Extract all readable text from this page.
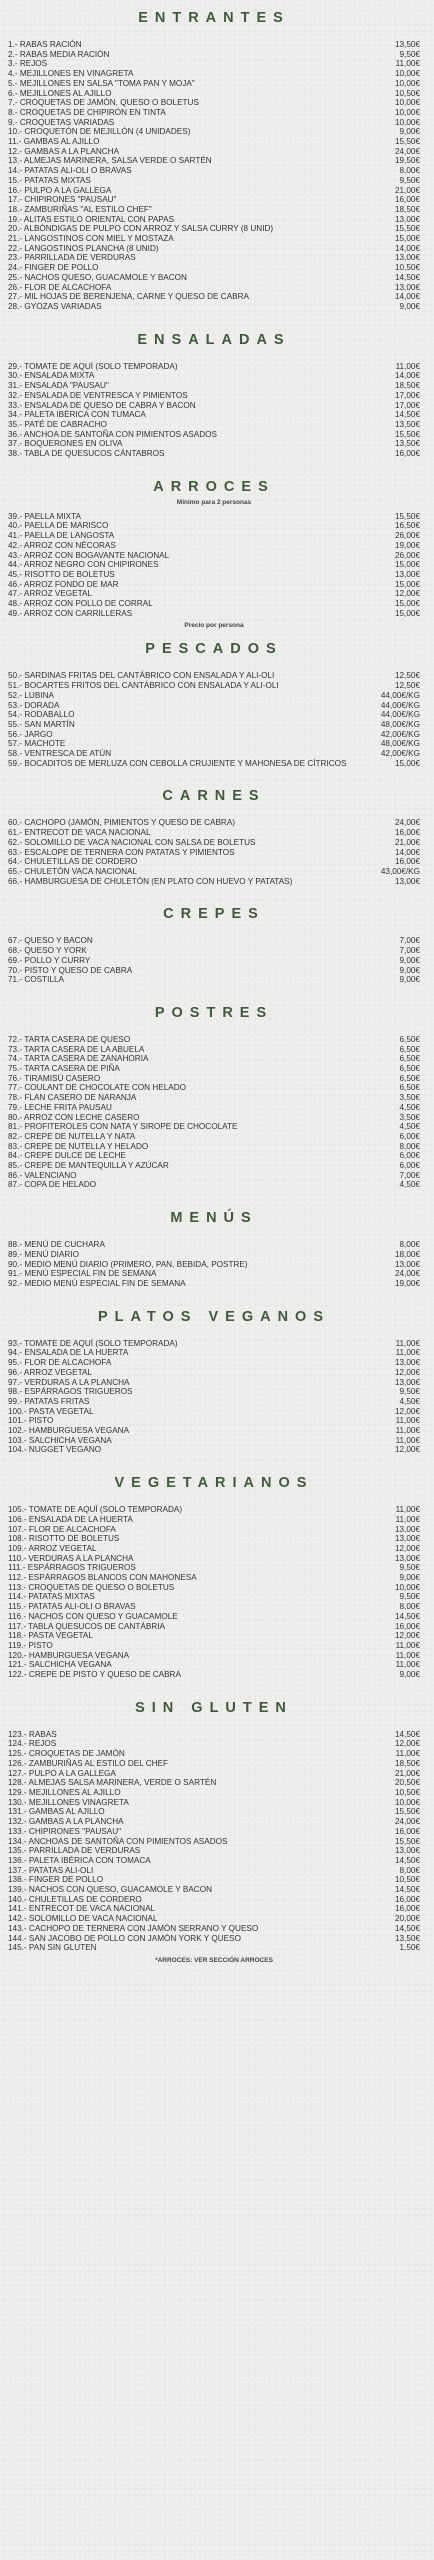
ENTRANTES
1.- RABAS RACIÓN	13,50€
2.- RABAS MEDIA RACIÓN	9,50€
3.- REJOS	11,00€
4.- MEJILLONES EN VINAGRETA	10,00€
5.- MEJILLONES EN SALSA "TOMA PAN Y MOJA"	10,00€
6.- MEJILLONES AL AJILLO	10,50€
7.- CROQUETAS DE JAMÓN, QUESO O BOLETUS	10,00€
8.- CROQUETAS DE CHIPIRÓN EN TINTA	10,00€
9.- CROQUETAS VARIADAS	10,00€
10.- CROQUETÓN DE MEJILLÓN (4 UNIDADES)	9,00€
11.- GAMBAS AL AJILLO	15,50€
12.- GAMBAS A LA PLANCHA	24,00€
13.- ALMEJAS MARINERA, SALSA VERDE O SARTÉN	19,50€
14.- PATATAS ALI-OLI O BRAVAS	8,00€
15.- PATATAS MIXTAS	9,50€
16.- PULPO A LA GALLEGA	21,00€
17.- CHIPIRONES "PAUSAU"	16,00€
18.- ZAMBURIÑAS "AL ESTILO CHEF"	18,50€
19.- ALITAS ESTILO ORIENTAL CON PAPAS	13,00€
20.- ALBÓNDIGAS DE PULPO CON ARROZ Y SALSA CURRY (8 UNID)	15,50€
21.- LANGOSTINOS CON MIEL Y MOSTAZA	15,00€
22.- LANGOSTINOS PLANCHA (8 UNID)	14,00€
23.- PARRILLADA DE VERDURAS	13,00€
24.- FINGER DE POLLO	10,50€
25.- NACHOS QUESO, GUACAMOLE Y BACON	14,50€
26.- FLOR DE ALCACHOFA	13,00€
27.- MIL HOJAS DE BERENJENA, CARNE Y QUESO DE CABRA	14,00€
28.- GYOZAS VARIADAS	9,00€
ENSALADAS
29.- TOMATE DE AQUÍ (SOLO TEMPORADA)	11,00€
30.- ENSALADA MIXTA	14,00€
31.- ENSALADA "PAUSAU"	18,50€
32.- ENSALADA DE VENTRESCA Y PIMIENTOS	17,00€
33.- ENSALADA DE QUESO DE CABRA Y BACON	17,00€
34.- PALETA IBÉRICA CON TUMACA	14,50€
35.- PATÉ DE CABRACHO	13,50€
36.- ANCHOA DE SANTOÑA CON PIMIENTOS ASADOS	15,50€
37.- BOQUERONES EN OLIVA	13,50€
38.- TABLA DE QUESUCOS CÁNTABROS	16,00€
ARROCES
Mínimo para 2 personas
39.- PAELLA MIXTA	15,50€
40.- PAELLA DE MARISCO	16,50€
41.- PAELLA DE LANGOSTA	26,00€
42.- ARROZ CON NÉCORAS	19,00€
43.- ARROZ CON BOGAVANTE NACIONAL	26,00€
44.- ARROZ NEGRO CON CHIPIRONES	15,00€
45.- RISOTTO DE BOLETUS	13,00€
46.- ARROZ FONDO DE MAR	15,00€
47.- ARROZ VEGETAL	12,00€
48.- ARROZ CON POLLO DE CORRAL	15,00€
49.- ARROZ CON CARRILLERAS	15,00€
Precio por persona
PESCADOS
50.- SARDINAS FRITAS DEL CANTÁBRICO CON ENSALADA Y ALI-OLI	12,50€
51.- BOCARTES FRITOS DEL CANTÁBRICO CON ENSALADA Y ALI-OLI	12,50€
52.- LUBINA	44,00€/KG
53.- DORADA	44,00€/KG
54.- RODABALLO	44,00€/KG
55.- SAN MARTÍN	48,00€/KG
56.- JARGO	42,00€/KG
57.- MACHOTE	48,00€/KG
58.- VENTRESCA DE ATÚN	42,00€/KG
59.- BOCADITOS DE MERLUZA CON CEBOLLA CRUJIENTE Y MAHONESA DE CÍTRICOS	15,00€
CARNES
60.- CACHOPO (JAMÓN, PIMIENTOS Y QUESO DE CABRA)	24,00€
61.- ENTRECOT DE VACA NACIONAL	16,00€
62.- SOLOMILLO DE VACA NACIONAL CON SALSA DE BOLETUS	21,00€
63.- ESCALOPE DE TERNERA CON PATATAS Y PIMIENTOS	14,00€
64.- CHULETILLAS DE CORDERO	16,00€
65.- CHULETÓN VACA NACIONAL	43,00€/KG
66.- HAMBURGUESA DE CHULETÓN (EN PLATO CON HUEVO Y PATATAS)	13,00€
CREPES
67.- QUESO Y BACON	7,00€
68.- QUESO Y YORK	7,00€
69.- POLLO Y CURRY	9,00€
70.- PISTO Y QUESO DE CABRA	9,00€
71.- COSTILLA	9,00€
POSTRES
72.- TARTA CASERA DE QUESO	6,50€
73.- TARTA CASERA DE LA ABUELA	6,50€
74.- TARTA CASERA DE ZANAHORIA	6,50€
75.- TARTA CASERA DE PIÑA	6,50€
76.- TIRAMISÚ CASERO	6,50€
77.- COULANT DE CHOCOLATE CON HELADO	6,50€
78.- FLAN CASERO DE NARANJA	3,50€
79.- LECHE FRITA PAUSAU	4,50€
80.- ARROZ CON LECHE CASERO	3,50€
81.- PROFITEROLES CON NATA Y SIROPE DE CHOCOLATE	4,50€
82.- CREPE DE NUTELLA Y NATA	6,00€
83.- CREPE DE NUTELLA Y HELADO	8,00€
84.- CREPE DULCE DE LECHE	6,00€
85.- CREPE DE MANTEQUILLA Y AZÚCAR	6,00€
86.- VALENCIANO	7,00€
87.- COPA DE HELADO	4,50€
MENÚS
88.- MENÚ DE CUCHARA	8,00€
89.- MENÚ DIARIO	18,00€
90.- MEDIO MENÚ DIARIO (PRIMERO, PAN, BEBIDA, POSTRE)	13,00€
91.- MENÚ ESPECIAL FIN DE SEMANA	24,00€
92.- MEDIO MENÚ ESPECIAL FIN DE SEMANA	19,00€
PLATOS VEGANOS
93.- TOMATE DE AQUÍ (SOLO TEMPORADA)	11,00€
94.- ENSALADA DE LA HUERTA	11,00€
95.- FLOR DE ALCACHOFA	13,00€
96.- ARROZ VEGETAL	12,00€
97.- VERDURAS A LA PLANCHA	13,00€
98.- ESPÁRRAGOS TRIGUEROS	9,50€
99.- PATATAS FRITAS	4,50€
100.- PASTA VEGETAL	12,00€
101.- PISTO	11,00€
102.- HAMBURGUESA VEGANA	11,00€
103.- SALCHICHA VEGANA	11,00€
104.- NUGGET VEGANO	12,00€
VEGETARIANOS
105.- TOMATE DE AQUÍ (SOLO TEMPORADA)	11,00€
106.- ENSALADA DE LA HUERTA	11,00€
107.- FLOR DE ALCACHOFA	13,00€
108.- RISOTTO DE BOLETUS	13,00€
109.- ARROZ VEGETAL	12,00€
110.- VERDURAS A LA PLANCHA	13,00€
111.- ESPÁRRAGOS TRIGUEROS	9,50€
112.- ESPÁRRAGOS BLANCOS CON MAHONESA	9,00€
113.- CROQUETAS DE QUESO O BOLETUS	10,00€
114.- PATATAS MIXTAS	9,50€
115.- PATATAS ALI-OLI O BRAVAS	8,00€
116.- NACHOS CON QUESO Y GUACAMOLE	14,50€
117.- TABLA QUESUCOS DE CANTÁBRIA	16,00€
118.- PASTA VEGETAL	12,00€
119.- PISTO	11,00€
120.- HAMBURGUESA VEGANA	11,00€
121.- SALCHICHA VEGANA	11,00€
122.- CREPE DE PISTO Y QUESO DE CABRA	9,00€
SIN GLUTEN
123.- RABAS	14,50€
124.- REJOS	12,00€
125.- CROQUETAS DE JAMÓN	11,00€
126.- ZAMBURIÑAS AL ESTILO DEL CHEF	18,50€
127.- PULPO A LA GALLEGA	21,00€
128.- ALMEJAS SALSA MARINERA, VERDE O SARTÉN	20,50€
129.- MEJILLONES AL AJILLO	10,50€
130.- MEJILLONES VINAGRETA	10,00€
131.- GAMBAS AL AJILLO	15,50€
132.- GAMBAS A LA PLANCHA	24,00€
133.- CHIPIRONES "PAUSAU"	16,00€
134.- ANCHOAS DE SANTOÑA CON PIMIENTOS ASADOS	15,50€
135.- PARRILLADA DE VERDURAS	13,00€
136.- PALETA IBÉRICA CON TOMACA	14,50€
137.- PATATAS ALI-OLI	8,00€
138.- FINGER DE POLLO	10,50€
139.- NACHOS CON QUESO, GUACAMOLE Y BACON	14,50€
140.- CHULETILLAS DE CORDERO	16,00€
141.- ENTRECOT DE VACA NACIONAL	16,00€
142.- SOLOMILLO DE VACA NACIONAL	20,00€
143.- CACHOPO DE TERNERA CON JAMÓN SERRANO Y QUESO	14,50€
144.- SAN JACOBO DE POLLO CON JAMÓN YORK Y QUESO	13,50€
145.- PAN SIN GLUTEN	1,50€
*ARROCES: VER SECCIÓN ARROCES
